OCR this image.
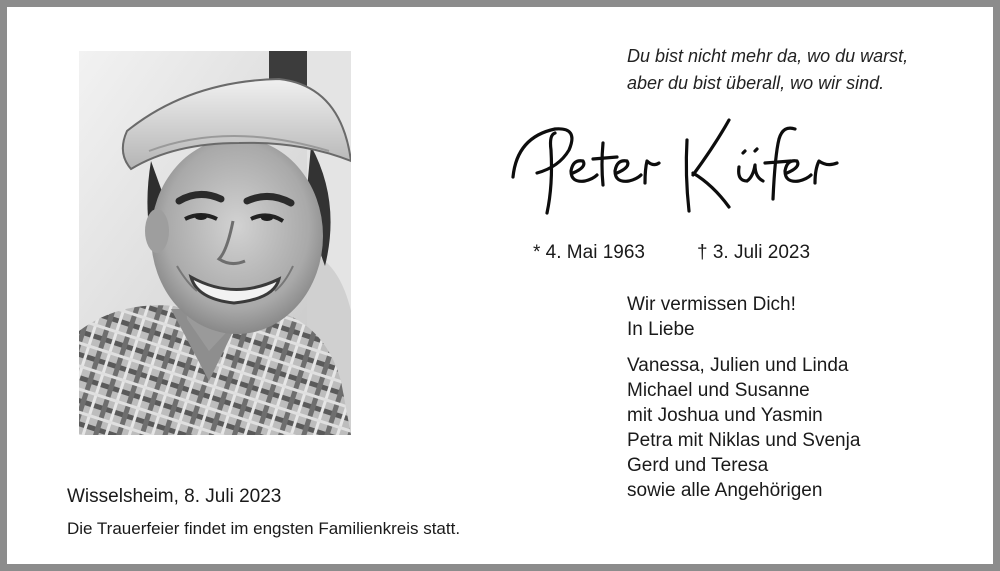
Du bist nicht mehr da, wo du warst,
aber du bist überall, wo wir sind.
* 4. Mai 1963	† 3. Juli 2023
Wir vermissen Dich!
In Liebe
Vanessa, Julien und Linda
Michael und Susanne
mit Joshua und Yasmin
Petra mit Niklas und Svenja
Gerd und Teresa
sowie alle Angehörigen
Wisselsheim, 8. Juli 2023
Die Trauerfeier findet im engsten Familienkreis statt.
